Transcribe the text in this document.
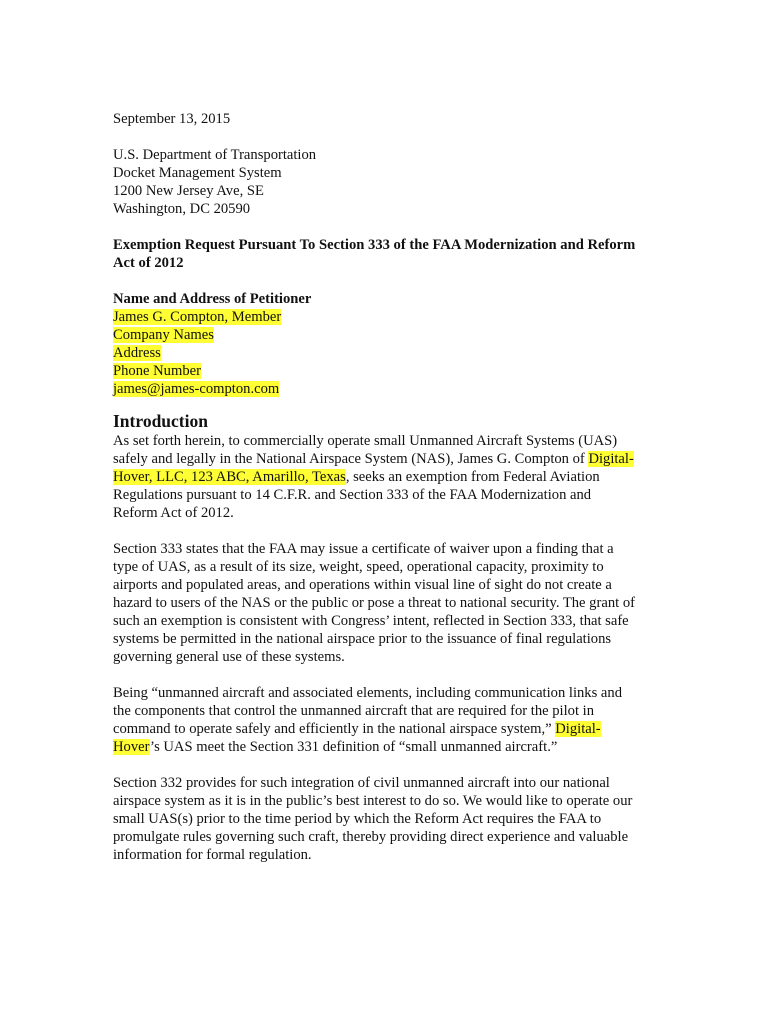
September 13, 2015
U.S. Department of Transportation
Docket Management System
1200 New Jersey Ave, SE
Washington, DC 20590
Exemption Request Pursuant To Section 333 of the FAA Modernization and Reform
Act of 2012
Name and Address of Petitioner
James G. Compton, Member
Company Names
Address
Phone Number
james@james-compton.com
Introduction

As set forth herein, to commercially operate small Unmanned Aircraft Systems (UAS)
safely and legally in the National Airspace System (NAS), James G. Compton of Digital-
Hover, LLC, 123 ABC, Amarillo, Texas, seeks an exemption from Federal Aviation
Regulations pursuant to 14 C.F.R. and Section 333 of the FAA Modernization and
Reform Act of 2012.

Section 333 states that the FAA may issue a certificate of waiver upon a finding that a
type of UAS, as a result of its size, weight, speed, operational capacity, proximity to
airports and populated areas, and operations within visual line of sight do not create a
hazard to users of the NAS or the public or pose a threat to national security. The grant of
such an exemption is consistent with Congress’ intent, reflected in Section 333, that safe
systems be permitted in the national airspace prior to the issuance of final regulations
governing general use of these systems.

Being “unmanned aircraft and associated elements, including communication links and
the components that control the unmanned aircraft that are required for the pilot in
command to operate safely and efficiently in the national airspace system,” Digital-
Hover’s UAS meet the Section 331 definition of “small unmanned aircraft.”

Section 332 provides for such integration of civil unmanned aircraft into our national
airspace system as it is in the public’s best interest to do so. We would like to operate our
small UAS(s) prior to the time period by which the Reform Act requires the FAA to
promulgate rules governing such craft, thereby providing direct experience and valuable
information for formal regulation.
